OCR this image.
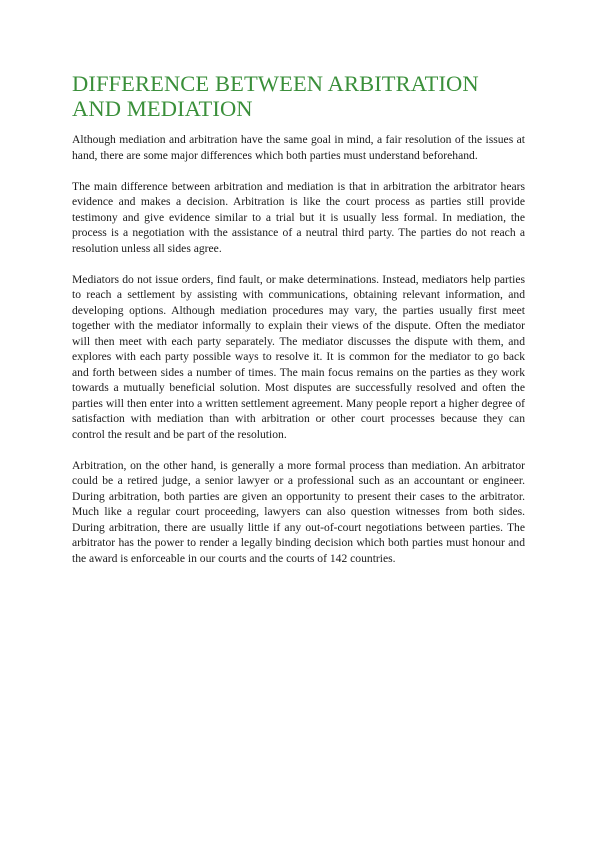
DIFFERENCE BETWEEN ARBITRATION AND MEDIATION

Although mediation and arbitration have the same goal in mind, a fair resolution of the issues at hand, there are some major differences which both parties must understand beforehand.

The main difference between arbitration and mediation is that in arbitration the arbitrator hears evidence and makes a decision. Arbitration is like the court process as parties still provide testimony and give evidence similar to a trial but it is usually less formal. In mediation, the process is a negotiation with the assistance of a neutral third party. The parties do not reach a resolution unless all sides agree.

Mediators do not issue orders, find fault, or make determinations. Instead, mediators help parties to reach a settlement by assisting with communications, obtaining relevant information, and developing options. Although mediation procedures may vary, the parties usually first meet together with the mediator informally to explain their views of the dispute. Often the mediator will then meet with each party separately. The mediator discusses the dispute with them, and explores with each party possible ways to resolve it. It is common for the mediator to go back and forth between sides a number of times. The main focus remains on the parties as they work towards a mutually beneficial solution. Most disputes are successfully resolved and often the parties will then enter into a written settlement agreement. Many people report a higher degree of satisfaction with mediation than with arbitration or other court processes because they can control the result and be part of the resolution.

Arbitration, on the other hand, is generally a more formal process than mediation. An arbitrator could be a retired judge, a senior lawyer or a professional such as an accountant or engineer. During arbitration, both parties are given an opportunity to present their cases to the arbitrator. Much like a regular court proceeding, lawyers can also question witnesses from both sides. During arbitration, there are usually little if any out-of-court negotiations between parties. The arbitrator has the power to render a legally binding decision which both parties must honour and the award is enforceable in our courts and the courts of 142 countries.
